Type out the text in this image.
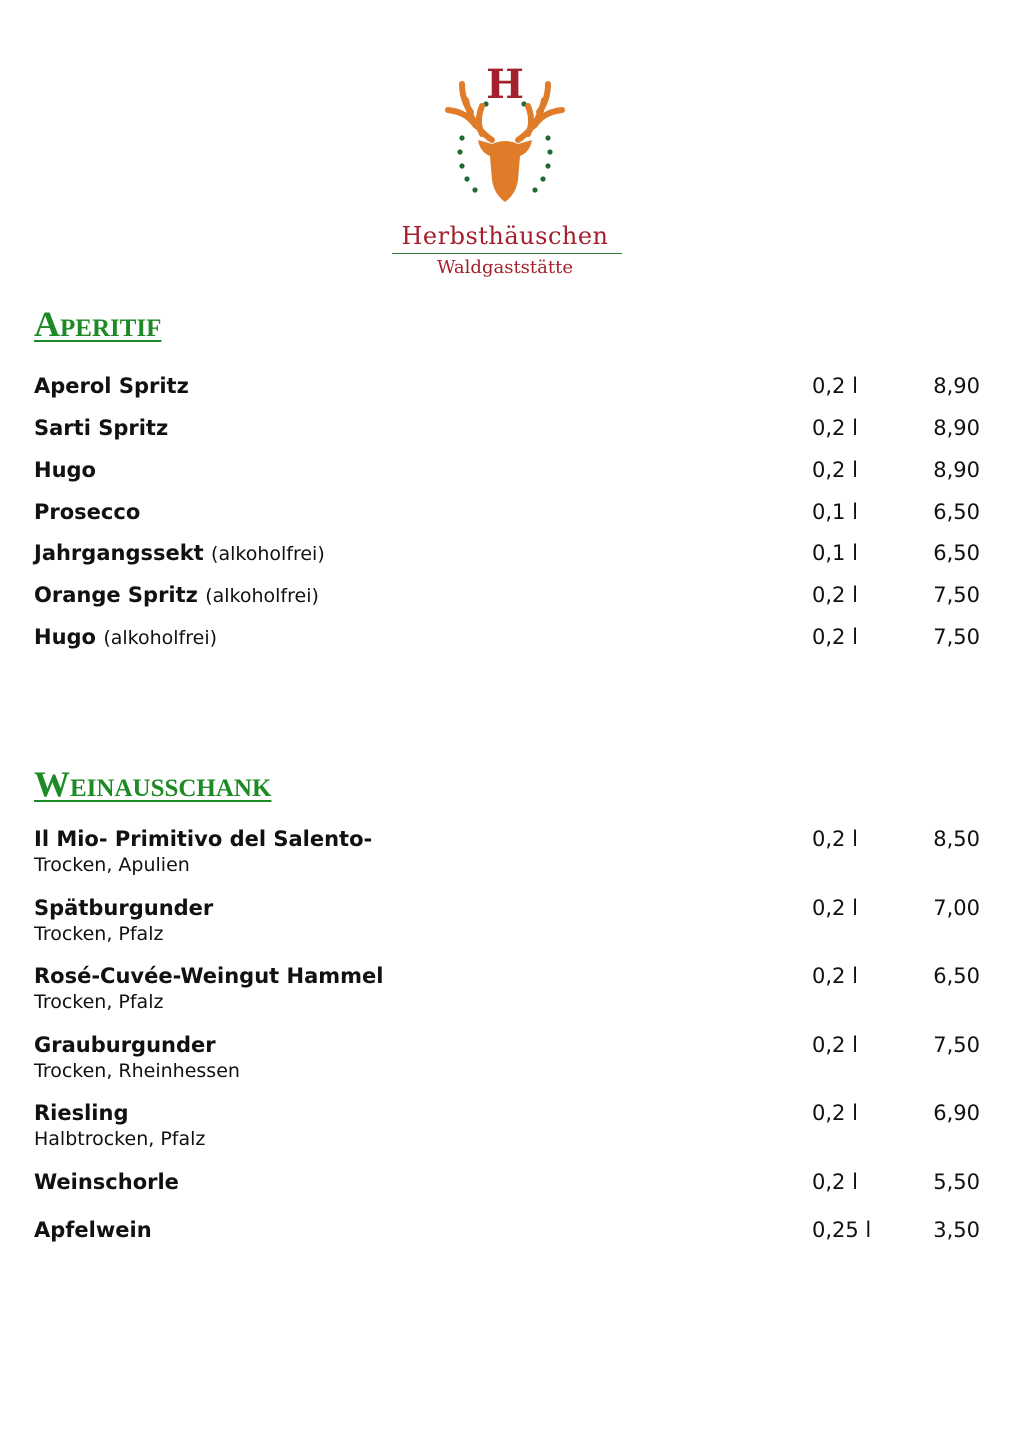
H
Herbsthäuschen
Waldgaststätte
Aperitif
Aperol Spritz	0,2 l	8,90
Sarti Spritz	0,2 l	8,90
Hugo	0,2 l	8,90
Prosecco	0,1 l	6,50
Jahrgangssekt (alkoholfrei)	0,1 l	6,50
Orange Spritz (alkoholfrei)	0,2 l	7,50
Hugo (alkoholfrei)	0,2 l	7,50
Weinausschank
Il Mio- Primitivo del Salento-
Trocken, Apulien
0,2 l	8,50
Spätburgunder
Trocken, Pfalz
0,2 l	7,00
Rosé-Cuvée-Weingut Hammel
Trocken, Pfalz
0,2 l	6,50
Grauburgunder
Trocken, Rheinhessen
0,2 l	7,50
Riesling
Halbtrocken, Pfalz
0,2 l	6,90
Weinschorle	0,2 l	5,50
Apfelwein	0,25 l	3,50
